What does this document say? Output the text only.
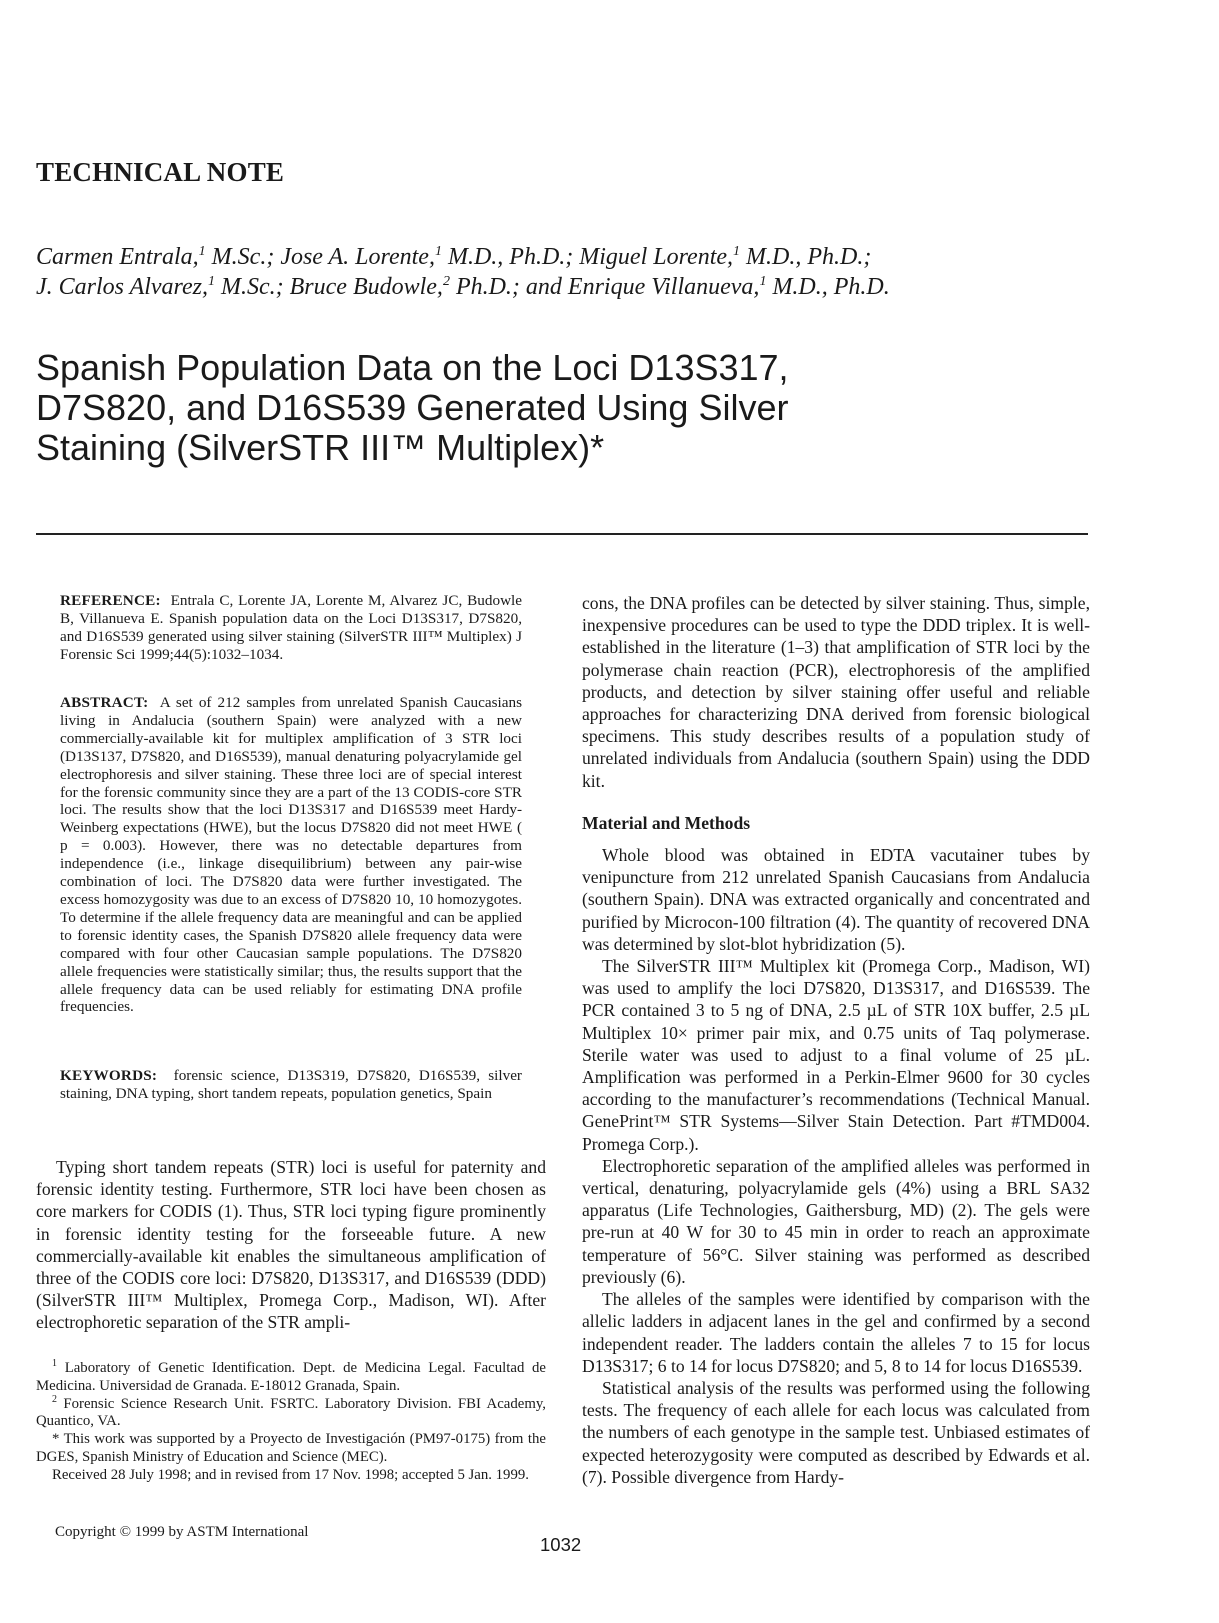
TECHNICAL NOTE
Carmen Entrala,$^1$ M.Sc.; Jose A. Lorente,$^1$ M.D., Ph.D.; Miguel Lorente,$^1$ M.D., Ph.D.;
J. Carlos Alvarez,$^1$ M.Sc.; Bruce Budowle,$^2$ Ph.D.; and Enrique Villanueva,$^1$ M.D., Ph.D.
Spanish Population Data on the Loci D13S317,
D7S820, and D16S539 Generated Using Silver
Staining (SilverSTR III™ Multiplex)*
REFERENCE: Entrala C, Lorente JA, Lorente M, Alvarez JC, Budowle B, Villanueva E. Spanish population data on the Loci D13S317, D7S820, and D16S539 generated using silver staining (SilverSTR III™ Multiplex) J Forensic Sci 1999;44(5):1032–1034.
ABSTRACT: A set of 212 samples from unrelated Spanish Caucasians living in Andalucia (southern Spain) were analyzed with a new commercially-available kit for multiplex amplification of 3 STR loci (D13S137, D7S820, and D16S539), manual denaturing polyacrylamide gel electrophoresis and silver staining. These three loci are of special interest for the forensic community since they are a part of the 13 CODIS-core STR loci. The results show that the loci D13S317 and D16S539 meet Hardy-Weinberg expectations (HWE), but the locus D7S820 did not meet HWE ( p = 0.003). However, there was no detectable departures from independence (i.e., linkage disequilibrium) between any pair-wise combination of loci. The D7S820 data were further investigated. The excess homozygosity was due to an excess of D7S820 10, 10 homozygotes. To determine if the allele frequency data are meaningful and can be applied to forensic identity cases, the Spanish D7S820 allele frequency data were compared with four other Caucasian sample populations. The D7S820 allele frequencies were statistically similar; thus, the results support that the allele frequency data can be used reliably for estimating DNA profile frequencies.
KEYWORDS: forensic science, D13S319, D7S820, D16S539, silver staining, DNA typing, short tandem repeats, population genetics, Spain
Typing short tandem repeats (STR) loci is useful for paternity and forensic identity testing. Furthermore, STR loci have been chosen as core markers for CODIS (1). Thus, STR loci typing figure prominently in forensic identity testing for the forseeable future. A new commercially-available kit enables the simultaneous amplification of three of the CODIS core loci: D7S820, D13S317, and D16S539 (DDD) (SilverSTR III™ Multiplex, Promega Corp., Madison, WI). After electrophoretic separation of the STR ampli-

$^1$ Laboratory of Genetic Identification. Dept. de Medicina Legal. Facultad de Medicina. Universidad de Granada. E-18012 Granada, Spain.

$^2$ Forensic Science Research Unit. FSRTC. Laboratory Division. FBI Academy, Quantico, VA.

* This work was supported by a Proyecto de Investigación (PM97-0175) from the DGES, Spanish Ministry of Education and Science (MEC).

Received 28 July 1998; and in revised from 17 Nov. 1998; accepted 5 Jan. 1999.

cons, the DNA profiles can be detected by silver staining. Thus, simple, inexpensive procedures can be used to type the DDD triplex. It is well-established in the literature (1–3) that amplification of STR loci by the polymerase chain reaction (PCR), electrophoresis of the amplified products, and detection by silver staining offer useful and reliable approaches for characterizing DNA derived from forensic biological specimens. This study describes results of a population study of unrelated individuals from Andalucia (southern Spain) using the DDD kit.

Material and Methods

Whole blood was obtained in EDTA vacutainer tubes by venipuncture from 212 unrelated Spanish Caucasians from Andalucia (southern Spain). DNA was extracted organically and concentrated and purified by Microcon-100 filtration (4). The quantity of recovered DNA was determined by slot-blot hybridization (5).

The SilverSTR III™ Multiplex kit (Promega Corp., Madison, WI) was used to amplify the loci D7S820, D13S317, and D16S539. The PCR contained 3 to 5 ng of DNA, 2.5 µL of STR 10X buffer, 2.5 µL Multiplex 10× primer pair mix, and 0.75 units of Taq polymerase. Sterile water was used to adjust to a final volume of 25 µL. Amplification was performed in a Perkin-Elmer 9600 for 30 cycles according to the manufacturer’s recommendations (Technical Manual. GenePrint™ STR Systems—Silver Stain Detection. Part #TMD004. Promega Corp.).

Electrophoretic separation of the amplified alleles was performed in vertical, denaturing, polyacrylamide gels (4%) using a BRL SA32 apparatus (Life Technologies, Gaithersburg, MD) (2). The gels were pre-run at 40 W for 30 to 45 min in order to reach an approximate temperature of 56°C. Silver staining was performed as described previously (6).

The alleles of the samples were identified by comparison with the allelic ladders in adjacent lanes in the gel and confirmed by a second independent reader. The ladders contain the alleles 7 to 15 for locus D13S317; 6 to 14 for locus D7S820; and 5, 8 to 14 for locus D16S539.

Statistical analysis of the results was performed using the following tests. The frequency of each allele for each locus was calculated from the numbers of each genotype in the sample test. Unbiased estimates of expected heterozygosity were computed as described by Edwards et al. (7). Possible divergence from Hardy-

Copyright © 1999 by ASTM International
1032
